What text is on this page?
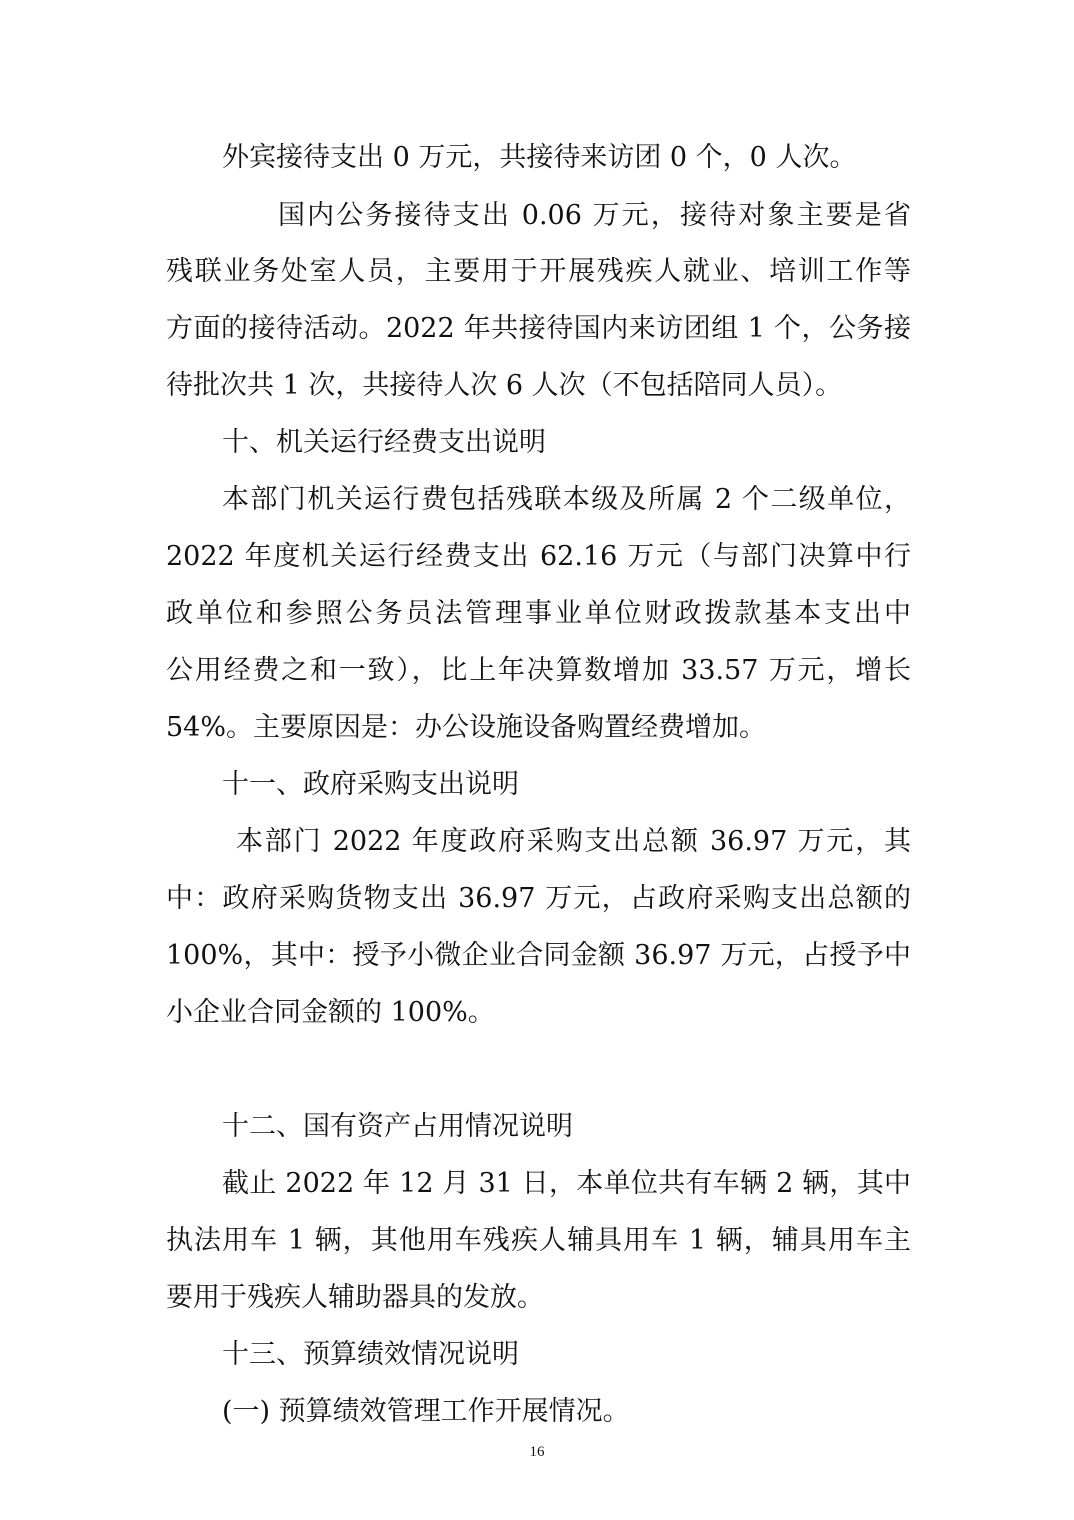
外宾接待支出 0 万元，共接待来访团 0 个，0 人次。
国内公务接待支出 0.06 万元，接待对象主要是省
残联业务处室人员，主要用于开展残疾人就业、培训工作等
方面的接待活动。2022 年共接待国内来访团组 1 个，公务接
待批次共 1 次，共接待人次 6 人次（不包括陪同人员）。
十、机关运行经费支出说明
本部门机关运行费包括残联本级及所属 2 个二级单位，
2022 年度机关运行经费支出 62.16 万元（与部门决算中行
政单位和参照公务员法管理事业单位财政拨款基本支出中
公用经费之和一致），比上年决算数增加 33.57 万元，增长
54%。主要原因是：办公设施设备购置经费增加。
十一、政府采购支出说明
本部门 2022 年度政府采购支出总额 36.97 万元，其
中：政府采购货物支出 36.97 万元，占政府采购支出总额的
100%，其中：授予小微企业合同金额 36.97 万元，占授予中
小企业合同金额的 100%。
十二、国有资产占用情况说明
截止 2022 年 12 月 31 日，本单位共有车辆 2 辆，其中
执法用车 1 辆，其他用车残疾人辅具用车 1 辆，辅具用车主
要用于残疾人辅助器具的发放。
十三、预算绩效情况说明
(一) 预算绩效管理工作开展情况。
16
